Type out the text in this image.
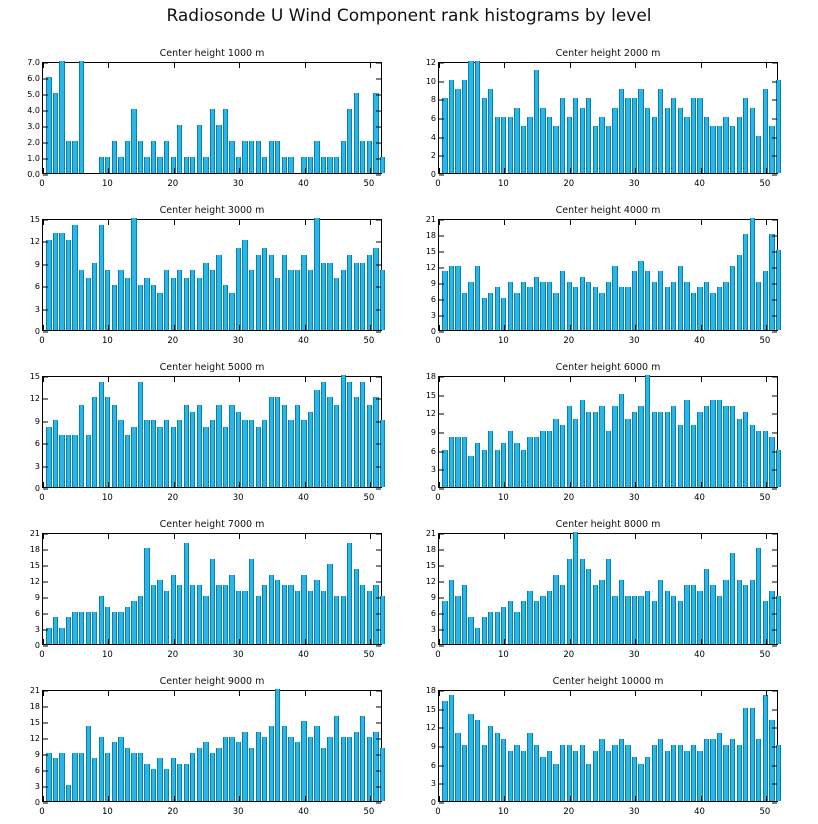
Radiosonde U Wind Component rank histograms by level
Center height 1000 m	Center height 2000 m
Center height 3000 m	Center height 4000 m
Center height 5000 m	Center height 6000 m
Center height 7000 m	Center height 8000 m
Center height 9000 m	Center height 10000 m
0	10	20	30	40	50
0.0
1.0
2.0
3.0
4.0
5.0
6.0
7.0
0	10	20	30	40	50
0
2
4
6
8
10
12
0	10	20	30	40	50
0
3
6
9
12
15
0	10	20	30	40	50
0
3
6
9
12
15
18
21
0	10	20	30	40	50
0
3
6
9
12
15
0	10	20	30	40	50
0
3
6
9
12
15
18
0	10	20	30	40	50
0
3
6
9
12
15
18
21
0	10	20	30	40	50
0
3
6
9
12
15
18
21
0	10	20	30	40	50
0
3
6
9
12
15
18
21
0	10	20	30	40	50
0
3
6
9
12
15
18
